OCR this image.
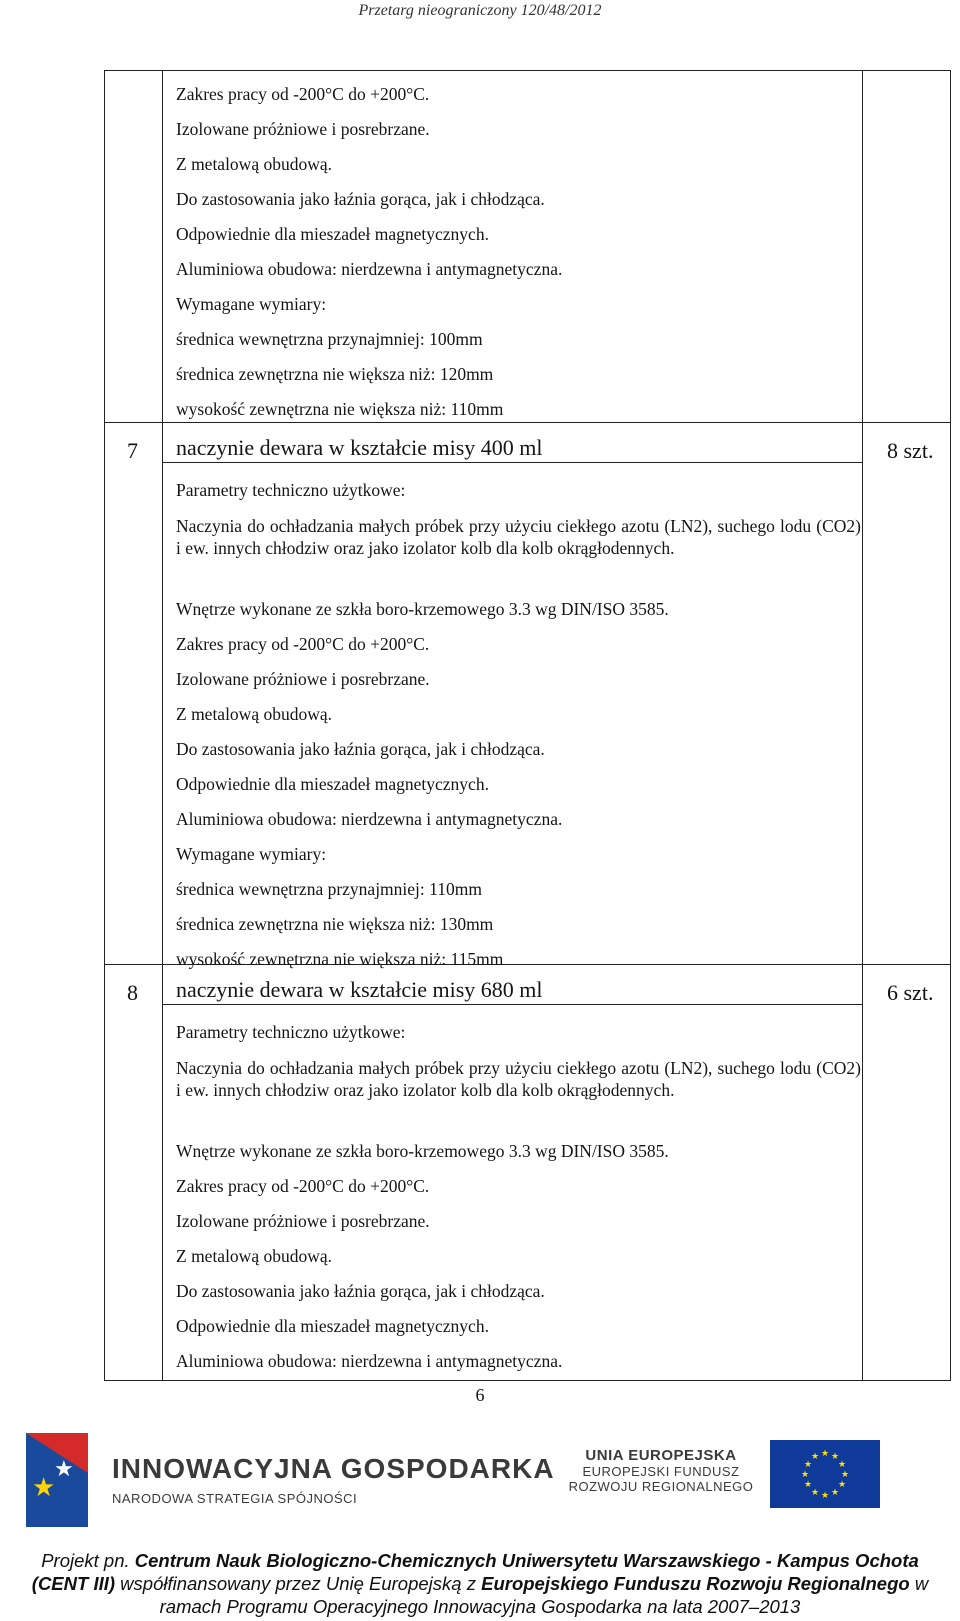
Przetarg nieograniczony 120/48/2012
Zakres pracy od -200°C do +200°C.
Izolowane próżniowe i posrebrzane.
Z metalową obudową.
Do zastosowania jako łaźnia gorąca, jak i chłodząca.
Odpowiednie dla mieszadeł magnetycznych.
Aluminiowa obudowa: nierdzewna i antymagnetyczna.
Wymagane wymiary:
średnica wewnętrzna przynajmniej: 100mm
średnica zewnętrzna nie większa niż: 120mm
wysokość zewnętrzna nie większa niż: 110mm
7 naczynie dewara w kształcie misy 400 ml	8 szt.
Parametry techniczno użytkowe:
Naczynia do ochładzania małych próbek przy użyciu ciekłego azotu (LN2), suchego lodu (CO2) i ew. innych chłodziw oraz jako izolator kolb dla kolb okrągłodennych.
Wnętrze wykonane ze szkła boro-krzemowego 3.3 wg DIN/ISO 3585.
Zakres pracy od -200°C do +200°C.
Izolowane próżniowe i posrebrzane.
Z metalową obudową.
Do zastosowania jako łaźnia gorąca, jak i chłodząca.
Odpowiednie dla mieszadeł magnetycznych.
Aluminiowa obudowa: nierdzewna i antymagnetyczna.
Wymagane wymiary:
średnica wewnętrzna przynajmniej: 110mm
średnica zewnętrzna nie większa niż: 130mm
wysokość zewnętrzna nie większa niż: 115mm
8 naczynie dewara w kształcie misy 680 ml	6 szt.
Parametry techniczno użytkowe:
Naczynia do ochładzania małych próbek przy użyciu ciekłego azotu (LN2), suchego lodu (CO2) i ew. innych chłodziw oraz jako izolator kolb dla kolb okrągłodennych.
Wnętrze wykonane ze szkła boro-krzemowego 3.3 wg DIN/ISO 3585.
Zakres pracy od -200°C do +200°C.
Izolowane próżniowe i posrebrzane.
Z metalową obudową.
Do zastosowania jako łaźnia gorąca, jak i chłodząca.
Odpowiednie dla mieszadeł magnetycznych.
Aluminiowa obudowa: nierdzewna i antymagnetyczna.
6
★
★
INNOWACYJNA GOSPODARKA
NARODOWA STRATEGIA SPÓJNOŚCI
UNIA EUROPEJSKA
EUROPEJSKI FUNDUSZ
ROZWOJU REGIONALNEGO
★ ★
★
★
★
★
★
★
★
★
★
★
Projekt pn. Centrum Nauk Biologiczno-Chemicznych Uniwersytetu Warszawskiego - Kampus Ochota (CENT III) współfinansowany przez Unię Europejską z Europejskiego Funduszu Rozwoju Regionalnego w ramach Programu Operacyjnego Innowacyjna Gospodarka na lata 2007–2013
